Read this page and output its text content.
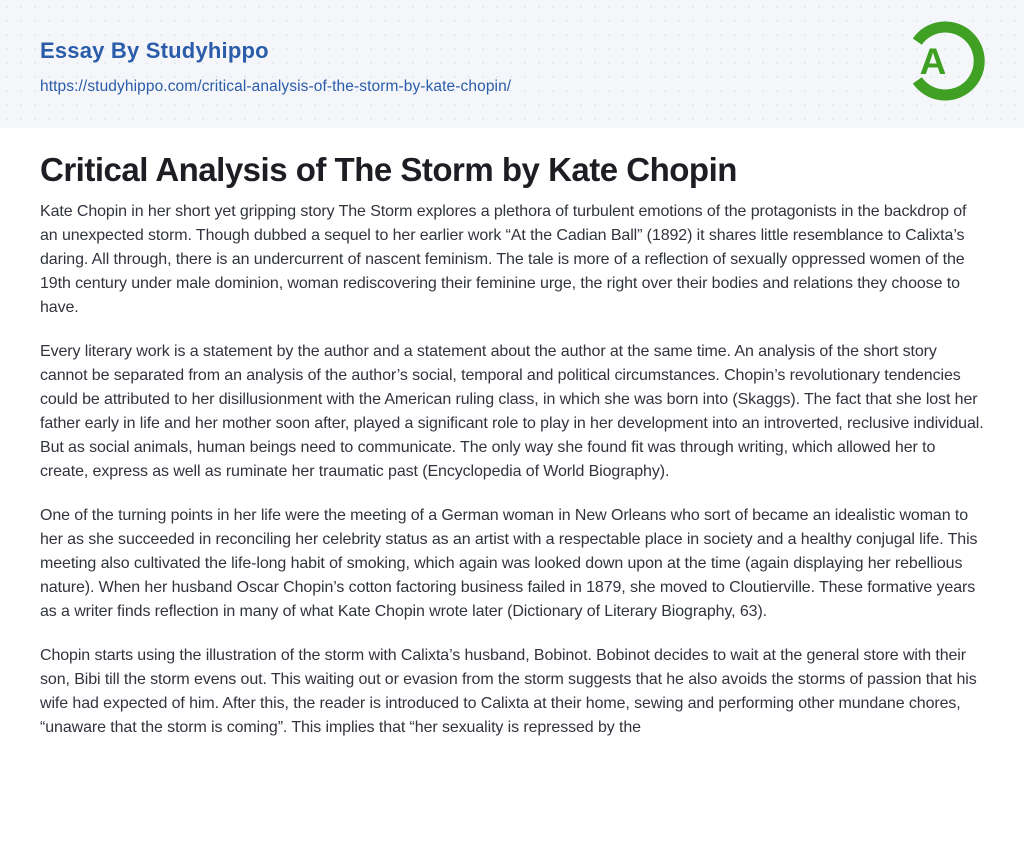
Essay By Studyhippo
https://studyhippo.com/critical-analysis-of-the-storm-by-kate-chopin/
A
Critical Analysis of The Storm by Kate Chopin

Kate Chopin in her short yet gripping story The Storm explores a plethora of turbulent emotions of the protagonists in the backdrop of an unexpected storm. Though dubbed a sequel to her earlier work “At the Cadian Ball” (1892) it shares little resemblance to Calixta’s daring. All through, there is an undercurrent of nascent feminism. The tale is more of a reflection of sexually oppressed women of the 19th century under male dominion, woman rediscovering their feminine urge, the right over their bodies and relations they choose to have.

Every literary work is a statement by the author and a statement about the author at the same time. An analysis of the short story cannot be separated from an analysis of the author’s social, temporal and political circumstances. Chopin’s revolutionary tendencies could be attributed to her disillusionment with the American ruling class, in which she was born into (Skaggs). The fact that she lost her father early in life and her mother soon after, played a significant role to play in her development into an introverted, reclusive individual. But as social animals, human beings need to communicate. The only way she found fit was through writing, which allowed her to create, express as well as ruminate her traumatic past (Encyclopedia of World Biography).

One of the turning points in her life were the meeting of a German woman in New Orleans who sort of became an idealistic woman to her as she succeeded in reconciling her celebrity status as an artist with a respectable place in society and a healthy conjugal life. This meeting also cultivated the life-long habit of smoking, which again was looked down upon at the time (again displaying her rebellious nature). When her husband Oscar Chopin’s cotton factoring business failed in 1879, she moved to Cloutierville. These formative years as a writer finds reflection in many of what Kate Chopin wrote later (Dictionary of Literary Biography, 63).

Chopin starts using the illustration of the storm with Calixta’s husband, Bobinot. Bobinot decides to wait at the general store with their son, Bibi till the storm evens out. This waiting out or evasion from the storm suggests that he also avoids the storms of passion that his wife had expected of him. After this, the reader is introduced to Calixta at their home, sewing and performing other mundane chores, “unaware that the storm is coming”. This implies that “her sexuality is repressed by the
